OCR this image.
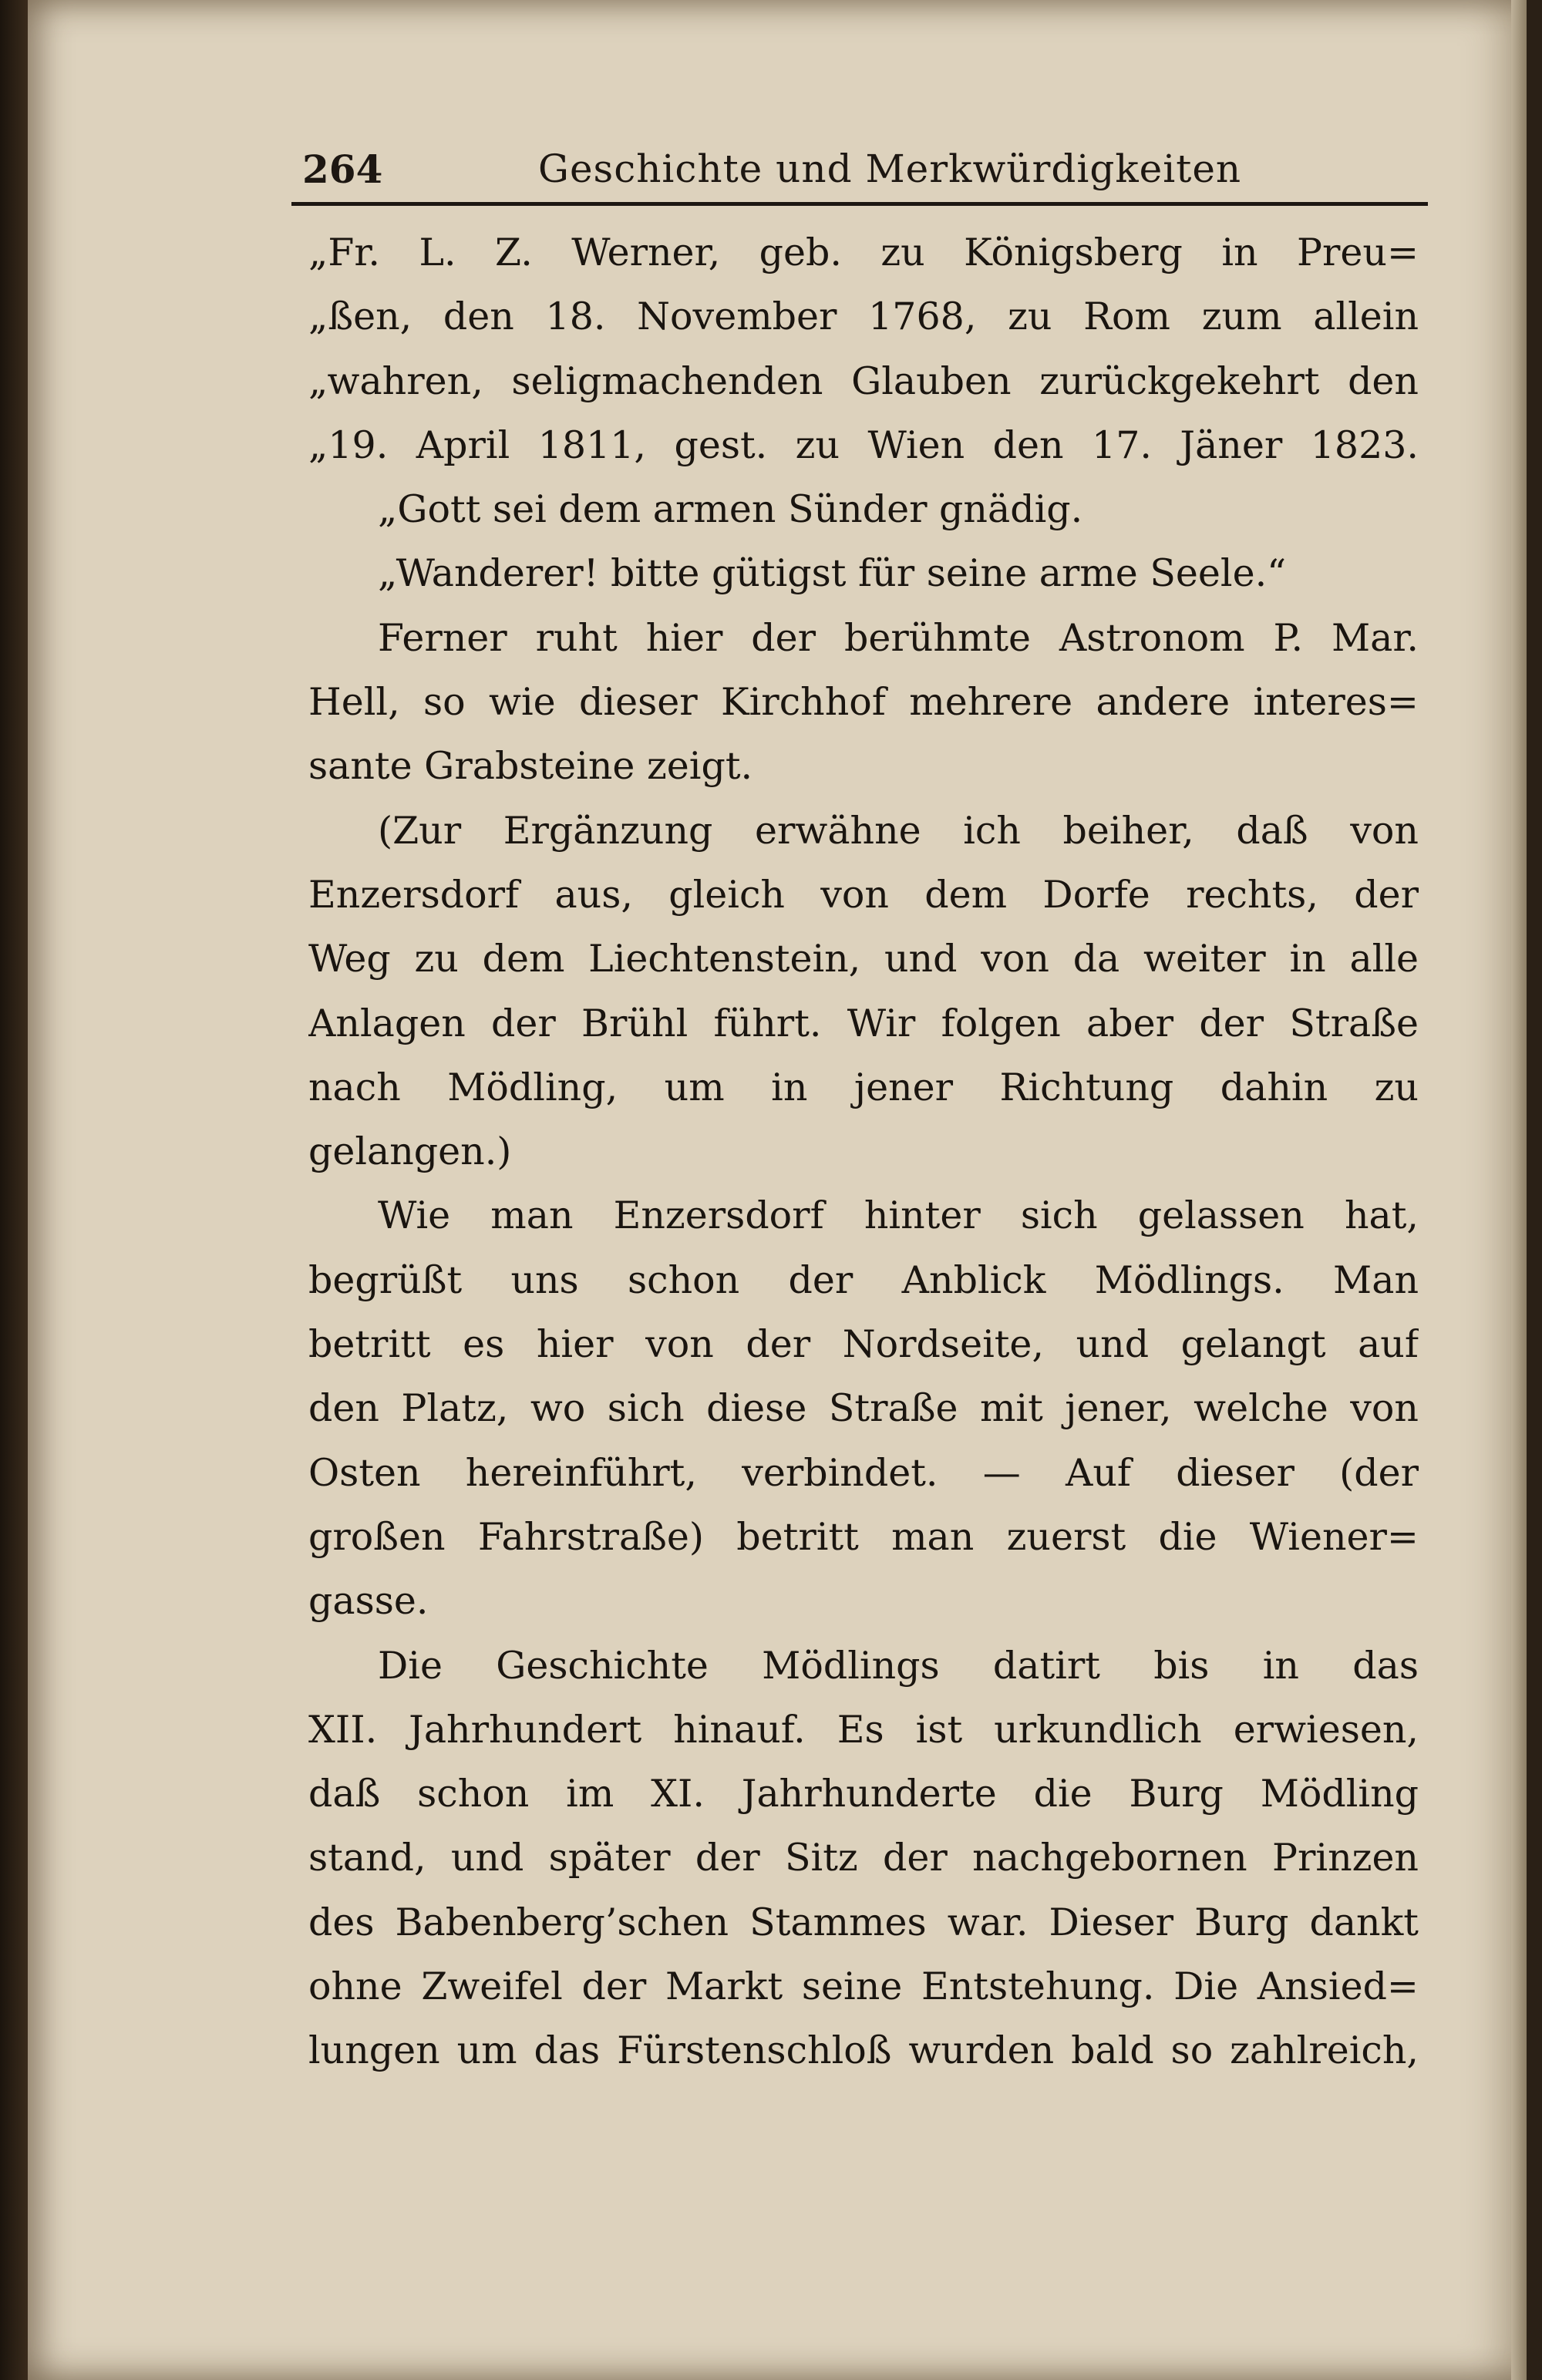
264	Geschichte und Merkwürdigkeiten
„Fr. L. Z. Werner, geb. zu Königsberg in Preu=
„ßen, den 18. November 1768, zu Rom zum allein
„wahren, seligmachenden Glauben zurückgekehrt den
„19. April 1811, gest. zu Wien den 17. Jäner 1823.
„Gott sei dem armen Sünder gnädig.
„Wanderer! bitte gütigst für seine arme Seele.“
Ferner ruht hier der berühmte Astronom P. Mar.
Hell, so wie dieser Kirchhof mehrere andere interes=
sante Grabsteine zeigt.
(Zur Ergänzung erwähne ich beiher, daß von
Enzersdorf aus, gleich von dem Dorfe rechts, der
Weg zu dem Liechtenstein, und von da weiter in alle
Anlagen der Brühl führt. Wir folgen aber der Straße
nach Mödling, um in jener Richtung dahin zu
gelangen.)
Wie man Enzersdorf hinter sich gelassen hat,
begrüßt uns schon der Anblick Mödlings. Man
betritt es hier von der Nordseite, und gelangt auf
den Platz, wo sich diese Straße mit jener, welche von
Osten hereinführt, verbindet. — Auf dieser (der
großen Fahrstraße) betritt man zuerst die Wiener=
gasse.
Die Geschichte Mödlings datirt bis in das
XII. Jahrhundert hinauf. Es ist urkundlich erwiesen,
daß schon im XI. Jahrhunderte die Burg Mödling
stand, und später der Sitz der nachgebornen Prinzen
des Babenberg’schen Stammes war. Dieser Burg dankt
ohne Zweifel der Markt seine Entstehung. Die Ansied=
lungen um das Fürstenschloß wurden bald so zahlreich,
